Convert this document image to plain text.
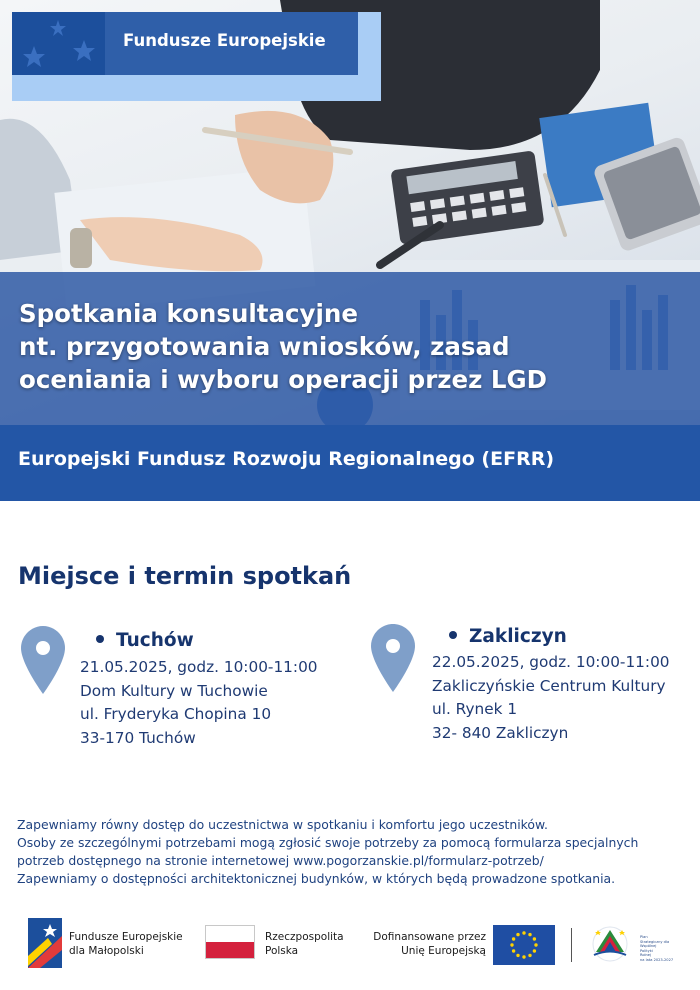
Fundusze Europejskie
Spotkania konsultacyjne
nt. przygotowania wniosków, zasad
oceniania i wyboru operacji przez LGD
Europejski Fundusz Rozwoju Regionalnego (EFRR)
Miejsce i termin spotkań
Tuchów
21.05.2025, godz. 10:00-11:00
Dom Kultury w Tuchowie
ul. Fryderyka Chopina 10
33-170 Tuchów
Zakliczyn
22.05.2025, godz. 10:00-11:00
Zakliczyńskie Centrum Kultury
ul. Rynek 1
32- 840 Zakliczyn
Zapewniamy równy dostęp do uczestnictwa w spotkaniu i komfortu jego uczestników.
Osoby ze szczególnymi potrzebami mogą zgłosić swoje potrzeby za pomocą formularza specjalnych
potrzeb dostępnego na stronie internetowej www.pogorzanskie.pl/formularz-potrzeb/
Zapewniamy o dostępności architektonicznej budynków, w których będą prowadzone spotkania.
Fundusze Europejskie
dla Małopolski
Rzeczpospolita
Polska
Dofinansowane przez
Unię Europejską
Plan
Strategiczny dla
Wspólnej
Polityki
Rolnej
na lata 2023-2027
